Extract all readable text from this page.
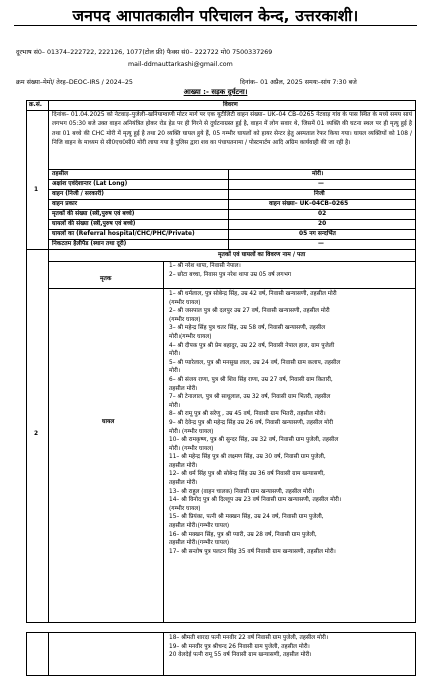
जनपद आपातकालीन परिचालन केन्द, उत्तरकाशी।
दूरभाष सं0– 01374–222722, 222126, 1077(टोल फ्री) फैक्स सं0– 222722 मो0 7500337269
mail-ddmauttarkashi@gmail.com
क्रम संख्या–मेमो/ तेरह–DEOC-IRS / 2024–25	दिनांक– 01 अप्रैल, 2025 समयः–सांय 7:30 बजे
आख्या :- सड़क दुर्घटना।
क्र.सं.	विवरण
1
दिनांक– 01.04.2025 को नेटवाड़–पुजेली–खनियाग्वाणी मोटर मार्ग पर एक यूटीलिटी वाहन संख्या– UK–04 CB–0265 नेटवाड़ गांव के पास स्थित के मध्ये समय सायं लगभग 05:30 बजे उक्त वाहन अनियंत्रित होकर रोड हेड पर ही गिरने से दुर्घटनाग्रस्त हुई है, वाहन में लोग सवार थे, जिसमें 01 व्यक्ति की घटना स्थल पर ही मृत्यु हुई है तथा 01 बच्चे की CHC मोरी में मृत्यु हुई है तथा 20 व्यक्ति घायल हुये हैं, 05 गम्भीर घायलों को हायर सेन्टर हेतु अस्पताल रेफर किया गया। घायल व्यक्तियों को 108 / निजि वाहन के माध्यम से सी0एच0सी0 मोरी लाया गया है पुलिस द्वारा शव का पंचायतनामा / पोस्टमार्टम आदि अग्रिम कार्यवाही की जा रही है।
तहसील	मोरी।
अक्षांश एवंदेशान्तर (Lat Long)	—
वाहन (निजी / सरकारी)	निजी
वाहन प्रकार	वाहन संख्या– UK–04CB–0265
मृतकों की संख्या (स्त्री,पुरुष एवं बच्चे)	02
घायलों की संख्या (स्त्री,पुरुष एवं बच्चे)	20
घायलों का (Referral hospital/CHC/PHC/Private)	05 नग सन्दर्भित
निकटतम हैलीपैड (स्थान तथा दूरी)	—
2
मृतकों एवं घायलों का विवरण नाम / पता
मृतक
1– श्री नरेश थापा, निवासी नेपाल।
2– छोटा बच्चा, निवास पुत्र नरेश थापा उम्र 05 वर्ष लगभग
घायल
1– श्री धर्मलाल, पुत्र सोबेन्द्र सिंह, उम्र 42 वर्ष, निवासी खन्यासणी, तहसील मोरी
(गम्भीर घायल)
2– श्री जसपाल पुत्र श्री दलपुर उम्र 27 वर्ष, निवासी खन्यासणी, तहसील मोरी
(गम्भीर घायल)
3– श्री महेन्द्र सिंह पुत्र चतर सिंह, उम्र 58 वर्ष, निवासी खन्यासणी, तहसील
मोरी।(गम्भीर घायल)
4– श्री दीपक पुत्र श्री प्रेम बहादुर, उम्र 22 वर्ष, निवासी नेपाल हाल, ग्राम पुजेली
मोरी।
5– श्री प्यारेलाल, पुत्र श्री मनसुख लाल, उम्र 24 वर्ष, निवासी ग्राम कलाप, तहसील
मोरी।
6– श्री संजय राणा, पुत्र श्री शिव सिंह राणा, उम्र 27 वर्ष, निवासी ग्राम कितारी,
तहसील मोरी।
7– श्री टेनालाल, पुत्र श्री साधूलाल, उम्र 32 वर्ष, निवासी ग्राम भितरी, तहसील
मोरी।
8– श्री रामू पुत्र श्री सरेणु , उम्र 45 वर्ष, निवासी ग्राम भितरी, तहसील मोरी।
9– श्री देवेन्द्र पुत्र श्री महेन्द्र सिंह उम्र 26 वर्ष, निवासी खन्यासणी, तहसील मोरी
मोरी। (गम्भीर घायल)
10– श्री रामकृष्ण, पुत्र श्री सुन्दर सिंह, उम्र 32 वर्ष, निवासी ग्राम पुजेली, तहसील
मोरी। (गम्भीर घायल)
11– श्री महेन्द्र सिंह पुत्र श्री लक्ष्मण सिंह, उम्र 30 वर्ष, निवासी ग्राम पुजेली,
तहसील मोरी।
12– श्री धर्म सिंह पुत्र श्री सोबेन्द्र सिंह उम्र 36 वर्ष निवासी ग्राम खन्यासणी,
तहसील मोरी।
13– श्री राहुल (वाहन चालक) निवासी ग्राम खन्यासणी, तहसील मोरी।
14– श्री विनोद पुत्र श्री दिल्लूप उम्र 23 वर्ष निवासी ग्राम खन्यासणी, तहसील मोरी।
(गम्भीर घायल)
15– श्री प्रियंका, पत्नी श्री मक्खन सिंह, उम्र 24 वर्ष, निवासी ग्राम पुजेली,
तहसील मोरी।(गम्भीर घायल)
16– श्री मक्खन सिंह, पुत्र श्री प्यारी, उम्र 28 वर्ष, निवासी ग्राम पुजेली,
तहसील मोरी।(गम्भीर घायल)
17– श्री सन्तोष पुत्र पलटन सिंह 35 वर्ष निवासी ग्राम खन्यासणी, तहसील मोरी।
18– श्रीमती शारदा पत्नी मनवीर 22 वर्ष निवासी ग्राम पुजेली, तहसील मोरी।
19– श्री मनवीर पुत्र श्रीचन्द 26 निवासी ग्राम पुजेली, तहसील मोरी।
20 वेलदेई पत्नी रामू 55 वर्ष निवासी ग्राम खन्यासणी, तहसील मोरी।
